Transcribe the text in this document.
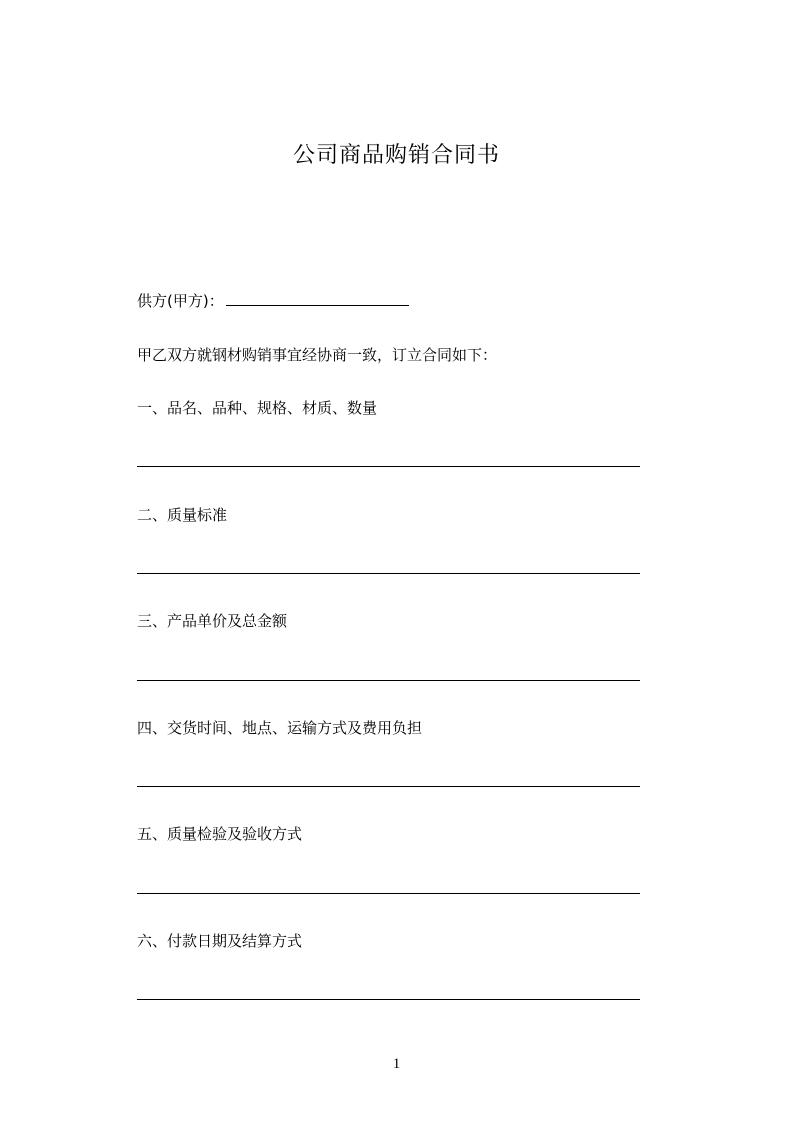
公司商品购销合同书
供方(甲方)：
甲乙双方就钢材购销事宜经协商一致，订立合同如下：
一、品名、品种、规格、材质、数量
二、质量标准
三、产品单价及总金额
四、交货时间、地点、运输方式及费用负担
五、质量检验及验收方式
六、付款日期及结算方式
1
